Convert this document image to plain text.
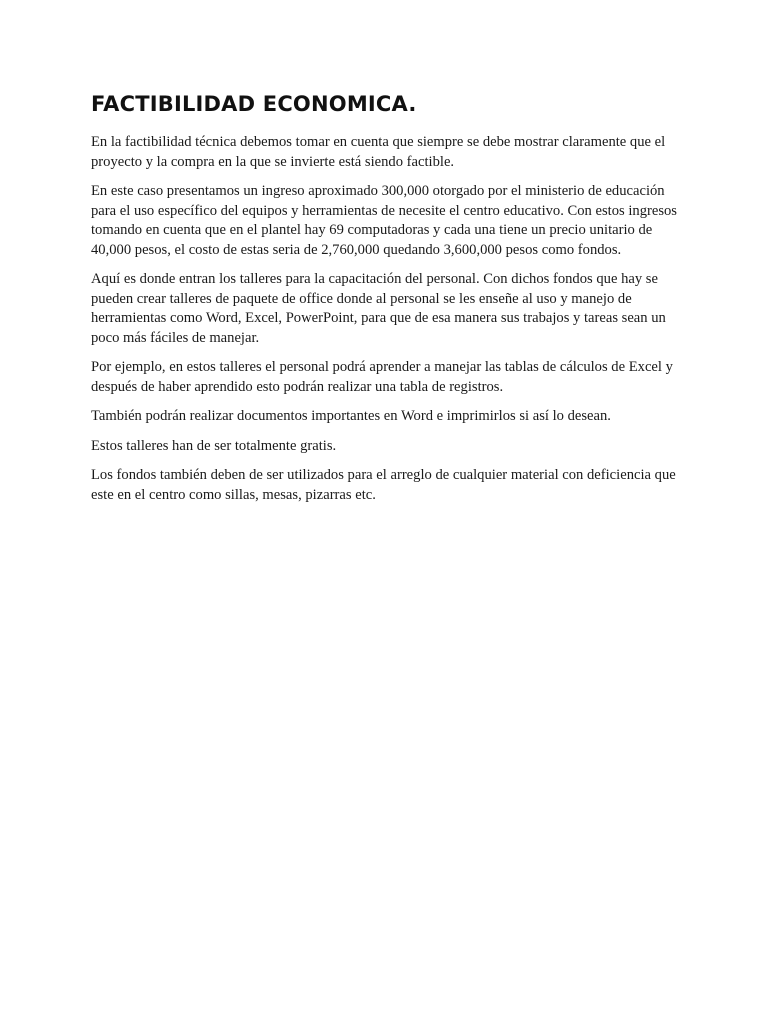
FACTIBILIDAD ECONOMICA.

En la factibilidad técnica debemos tomar en cuenta que siempre se debe mostrar claramente que el proyecto y la compra en la que se invierte está siendo factible.

En este caso presentamos un ingreso aproximado 300,000 otorgado por el ministerio de educación para el uso específico del equipos y herramientas de necesite el centro educativo. Con estos ingresos tomando en cuenta que en el plantel hay 69 computadoras y cada una tiene un precio unitario de 40,000 pesos, el costo de estas seria de 2,760,000 quedando 3,600,000 pesos como fondos.

Aquí es donde entran los talleres para la capacitación del personal. Con dichos fondos que hay se pueden crear talleres de paquete de office donde al personal se les enseñe al uso y manejo de herramientas como Word, Excel, PowerPoint, para que de esa manera sus trabajos y tareas sean un poco más fáciles de manejar.

Por ejemplo, en estos talleres el personal podrá aprender a manejar las tablas de cálculos de Excel y después de haber aprendido esto podrán realizar una tabla de registros.

También podrán realizar documentos importantes en Word e imprimirlos si así lo desean.

Estos talleres han de ser totalmente gratis.

Los fondos también deben de ser utilizados para el arreglo de cualquier material con deficiencia que este en el centro como sillas, mesas, pizarras etc.
